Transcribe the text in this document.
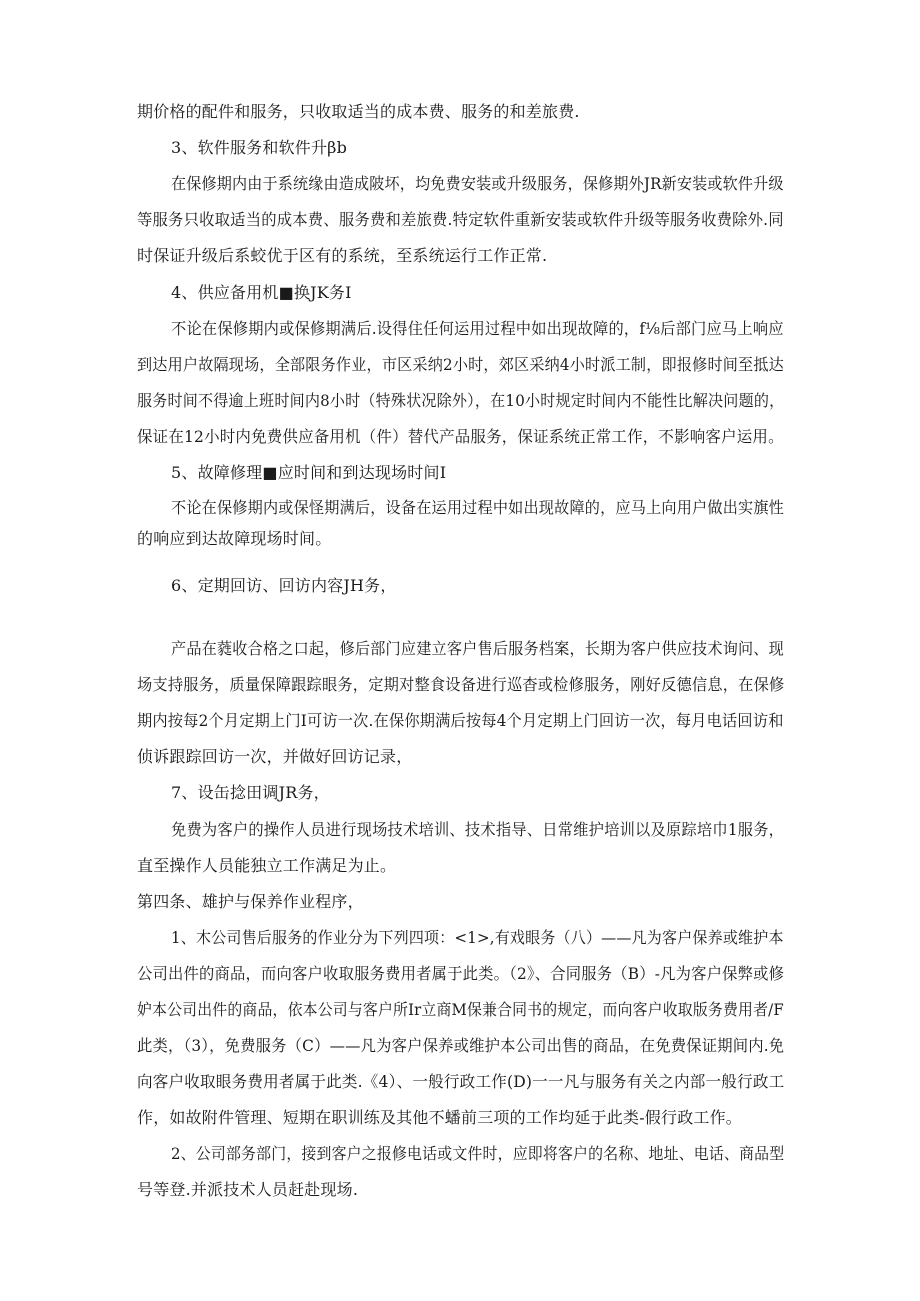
期价格的配件和服务，只收取适当的成本费、服务的和差旅费.
3、软件服务和软件升βb
在保修期内由于系统缘由造成陂坏，均免费安装或升级服务，保修期外JR新安装或软件升级
等服务只收取适当的成本费、服务费和差旅费.特定软件重新安装或软件升级等服务收费除外.同
时保证升级后系蛟优于区有的系统，至系统运行工作正常.
4、供应备用机■换JK务I
不论在保修期内或保修期满后.设得住任何运用过程中如出现故障的，f⅛后部门应马上响应
到达用户故隔现场，全部限务作业，市区采纳2小时，郊区采纳4小时派工制，即报修时间至抵达
服务时间不得逾上班时间内8小时（特殊状况除外），在10小时规定时间内不能性比解决问题的，
保证在12小时内免费供应备用机（件）替代产品服务，保证系统正常工作，不影响客户运用。
5、故障修理■应时间和到达现场时间I
不论在保修期内或保怪期满后，设备在运用过程中如出现故障的，应马上向用户做出实旗性
的响应到达故障现场时间。
6、定期回访、回访内容JH务，
产品在蕤收合格之口起，修后部门应建立客户售后服务档案，长期为客户供应技术询问、现
场支持服务，质量保障跟踪眼务，定期对整食设备进行巡杳或检修服务，刚好反德信息，在保修
期内按每2个月定期上门I可访一次.在保你期满后按每4个月定期上门回访一次，每月电话回访和
侦诉跟踪回访一次，并做好回访记录，
7、设缶捻田调JR务，
免费为客户的操作人员进行现场技术培训、技术指导、日常维护培训以及原踪培巾1服务，
直至操作人员能独立工作满足为止。
第四条、雄护与保养作业程序，
1、木公司售后服务的作业分为下列四项：<1>,有戏眼务（八）——凡为客户保养或维护本
公司出件的商品，而向客户收取服务费用者属于此类。（2》、合同服务（B）-凡为客户保弊或修
妒本公司出件的商品，依本公司与客户所Ir立商M保兼合同书的规定，而向客户收取版务费用者/F
此类，（3），免费服务（C）——凡为客户保养或维护本公司出售的商品，在免费保证期间内.免
向客户收取眼务费用者属于此类.《4）、一般行政工作(D)一一凡与服务有关之内部一般行政工
作，如故附件管理、短期在职训练及其他不蟠前三项的工作均延于此类-假行政工作。
2、公司部务部门，接到客户之报修电话或文件时，应即将客户的名称、地址、电话、商品型
号等登.并派技术人员赶赴现场.
